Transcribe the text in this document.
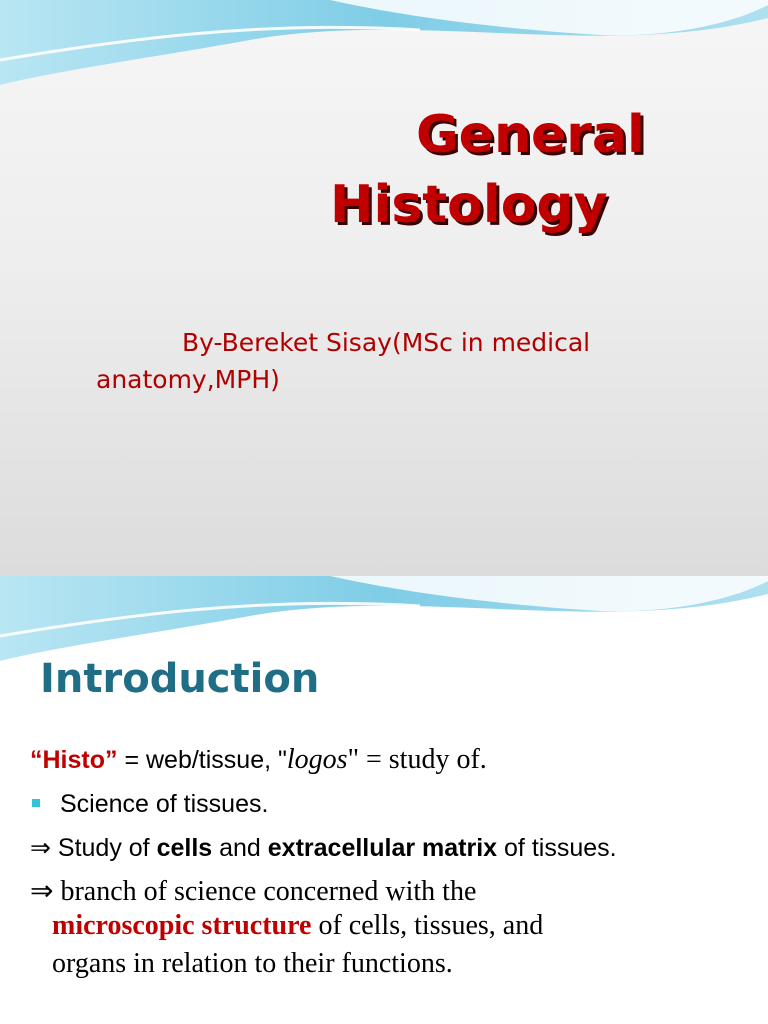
General
Histology

By-Bereket Sisay(MSc in medical anatomy,MPH)

Introduction
“Histo” = web/tissue, "logos" = study of.
Science of tissues.
⇒ Study of cells and extracellular matrix of tissues.
⇒ branch of science concerned with the
microscopic structure of cells, tissues, and
organs in relation to their functions.
